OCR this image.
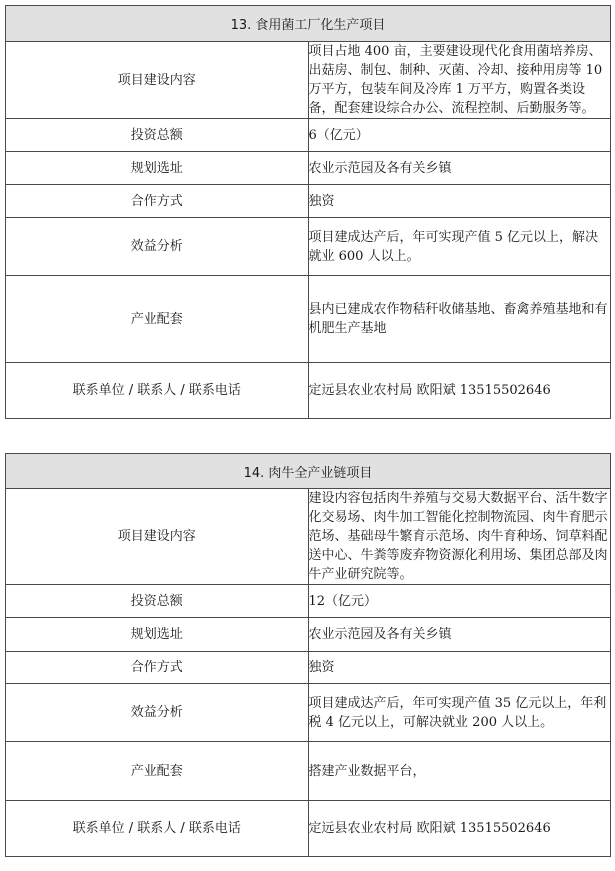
13. 食用菌工厂化生产项目	
项目建设内容	项目占地 400 亩，主要建设现代化食用菌培养房、出菇房、制包、制种、灭菌、冷却、接种用房等 10 万平方，包装车间及冷库 1 万平方，购置各类设备，配套建设综合办公、流程控制、后勤服务等。
投资总额	6（亿元）
规划选址	农业示范园及各有关乡镇
合作方式	独资
效益分析	项目建成达产后，年可实现产值 5 亿元以上，解决就业 600 人以上。
产业配套	县内已建成农作物秸秆收储基地、畜禽养殖基地和有机肥生产基地
联系单位 / 联系人 / 联系电话	定远县农业农村局 欧阳斌 13515502646
14. 肉牛全产业链项目	
项目建设内容	建设内容包括肉牛养殖与交易大数据平台、活牛数字化交易场、肉牛加工智能化控制物流园、肉牛育肥示范场、基础母牛繁育示范场、肉牛育种场、饲草料配送中心、牛粪等废弃物资源化利用场、集团总部及肉牛产业研究院等。
投资总额	12（亿元）
规划选址	农业示范园及各有关乡镇
合作方式	独资
效益分析	项目建成达产后，年可实现产值 35 亿元以上，年利税 4 亿元以上，可解决就业 200 人以上。
产业配套	搭建产业数据平台，
联系单位 / 联系人 / 联系电话	定远县农业农村局 欧阳斌 13515502646
